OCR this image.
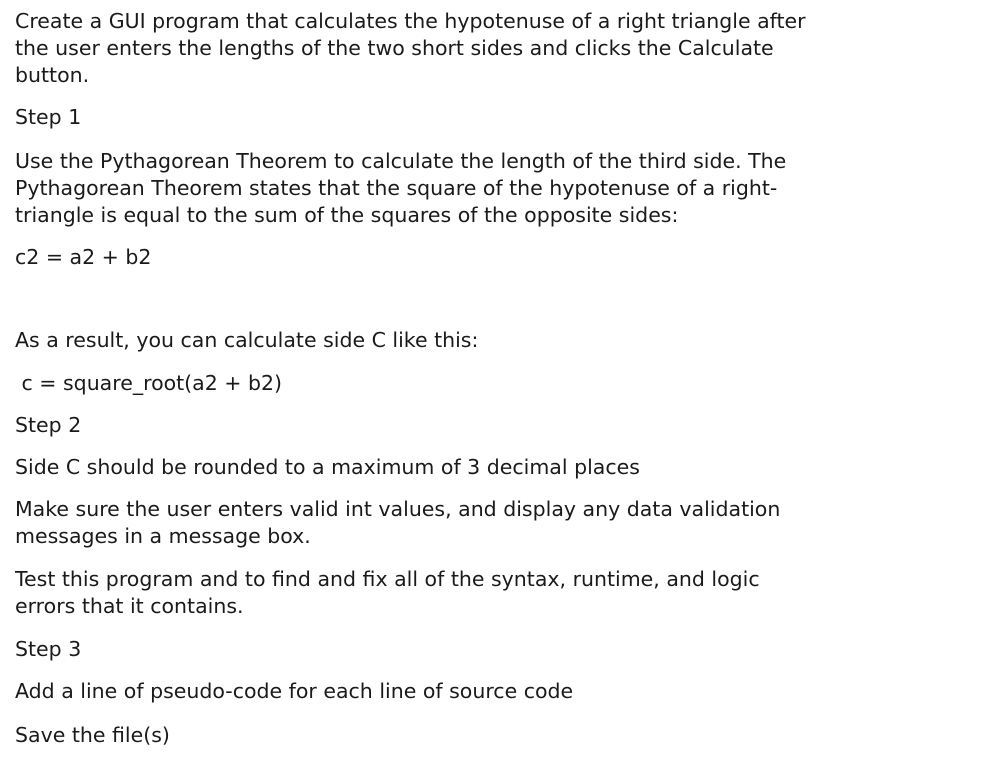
Create a GUI program that calculates the hypotenuse of a right triangle after
the user enters the lengths of the two short sides and clicks the Calculate
button.

Step 1

Use the Pythagorean Theorem to calculate the length of the third side. The
Pythagorean Theorem states that the square of the hypotenuse of a right-
triangle is equal to the sum of the squares of the opposite sides:

c2 = a2 + b2

As a result, you can calculate side C like this:

c = square_root(a2 + b2)

Step 2

Side C should be rounded to a maximum of 3 decimal places

Make sure the user enters valid int values, and display any data validation
messages in a message box.

Test this program and to find and fix all of the syntax, runtime, and logic
errors that it contains.

Step 3

Add a line of pseudo-code for each line of source code

Save the file(s)
